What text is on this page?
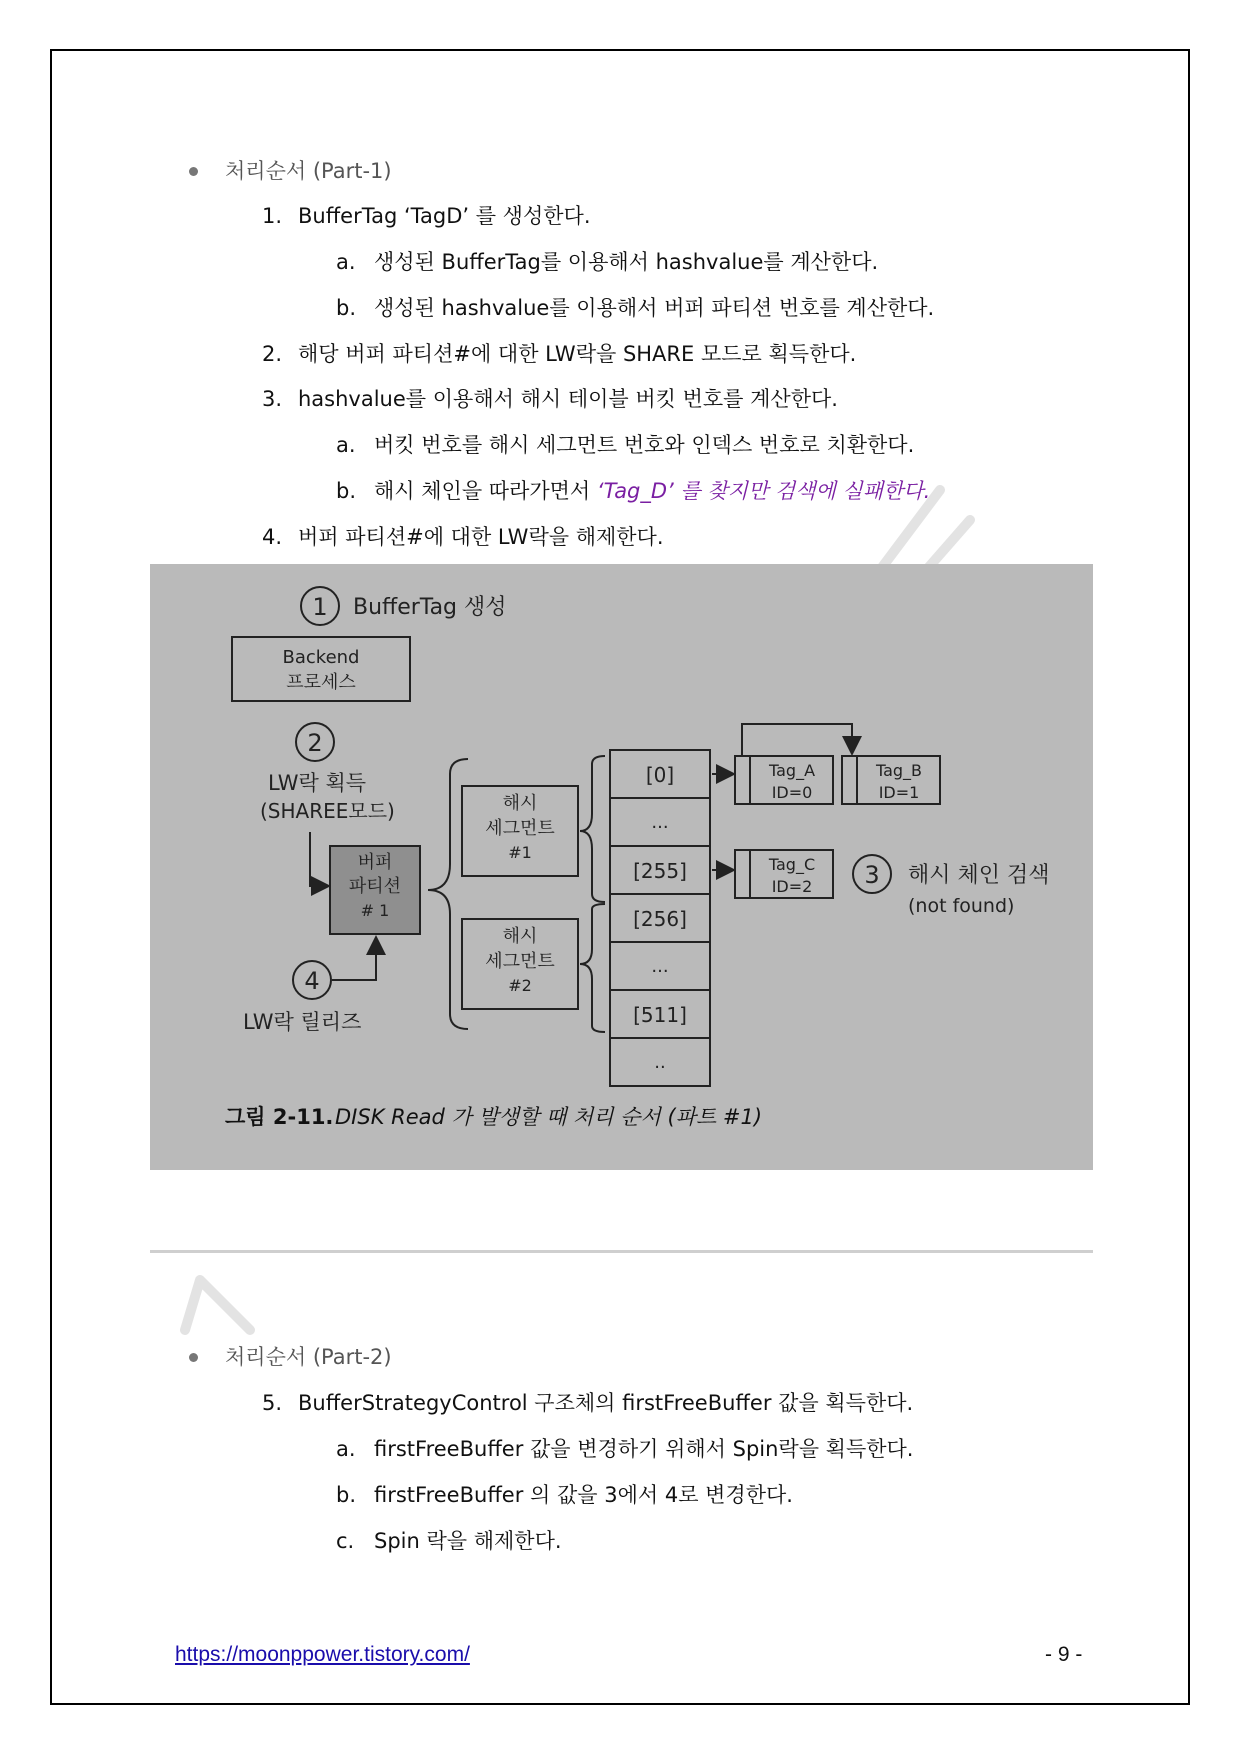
처리순서 (Part-1)
1. BufferTag ‘TagD’ 를 생성한다.
a. 생성된 BufferTag를 이용해서 hashvalue를 계산한다.
b. 생성된 hashvalue를 이용해서 버퍼 파티션 번호를 계산한다.
2. 해당 버퍼 파티션#에 대한 LW락을 SHARE 모드로 획득한다.
3. hashvalue를 이용해서 해시 테이블 버킷 번호를 계산한다.
a. 버킷 번호를 해시 세그먼트 번호와 인덱스 번호로 치환한다.
b. 해시 체인을 따라가면서 ‘Tag_D’ 를 찾지만 검색에 실패한다.
4. 버퍼 파티션#에 대한 LW락을 해제한다.
1 BufferTag 생성
Backend
프로세스
2
LW락 획득
(SHAREE모드)
버퍼
파티션
# 1
4
LW락 릴리즈
해시
세그먼트
#1
해시
세그먼트
#2
[0]
...
[255]
[256]
...
[511]
..
Tag_A
ID=0
Tag_B
ID=1
Tag_C
ID=2 3 해시 체인 검색
(not found)
그림 2-11. DISK Read 가 발생할 때 처리 순서 (파트 #1)
처리순서 (Part-2)
5. BufferStrategyControl 구조체의 firstFreeBuffer 값을 획득한다.
a. firstFreeBuffer 값을 변경하기 위해서 Spin락을 획득한다.
b. firstFreeBuffer 의 값을 3에서 4로 변경한다.
c. Spin 락을 해제한다.
https://moonppower.tistory.com/	- 9 -
